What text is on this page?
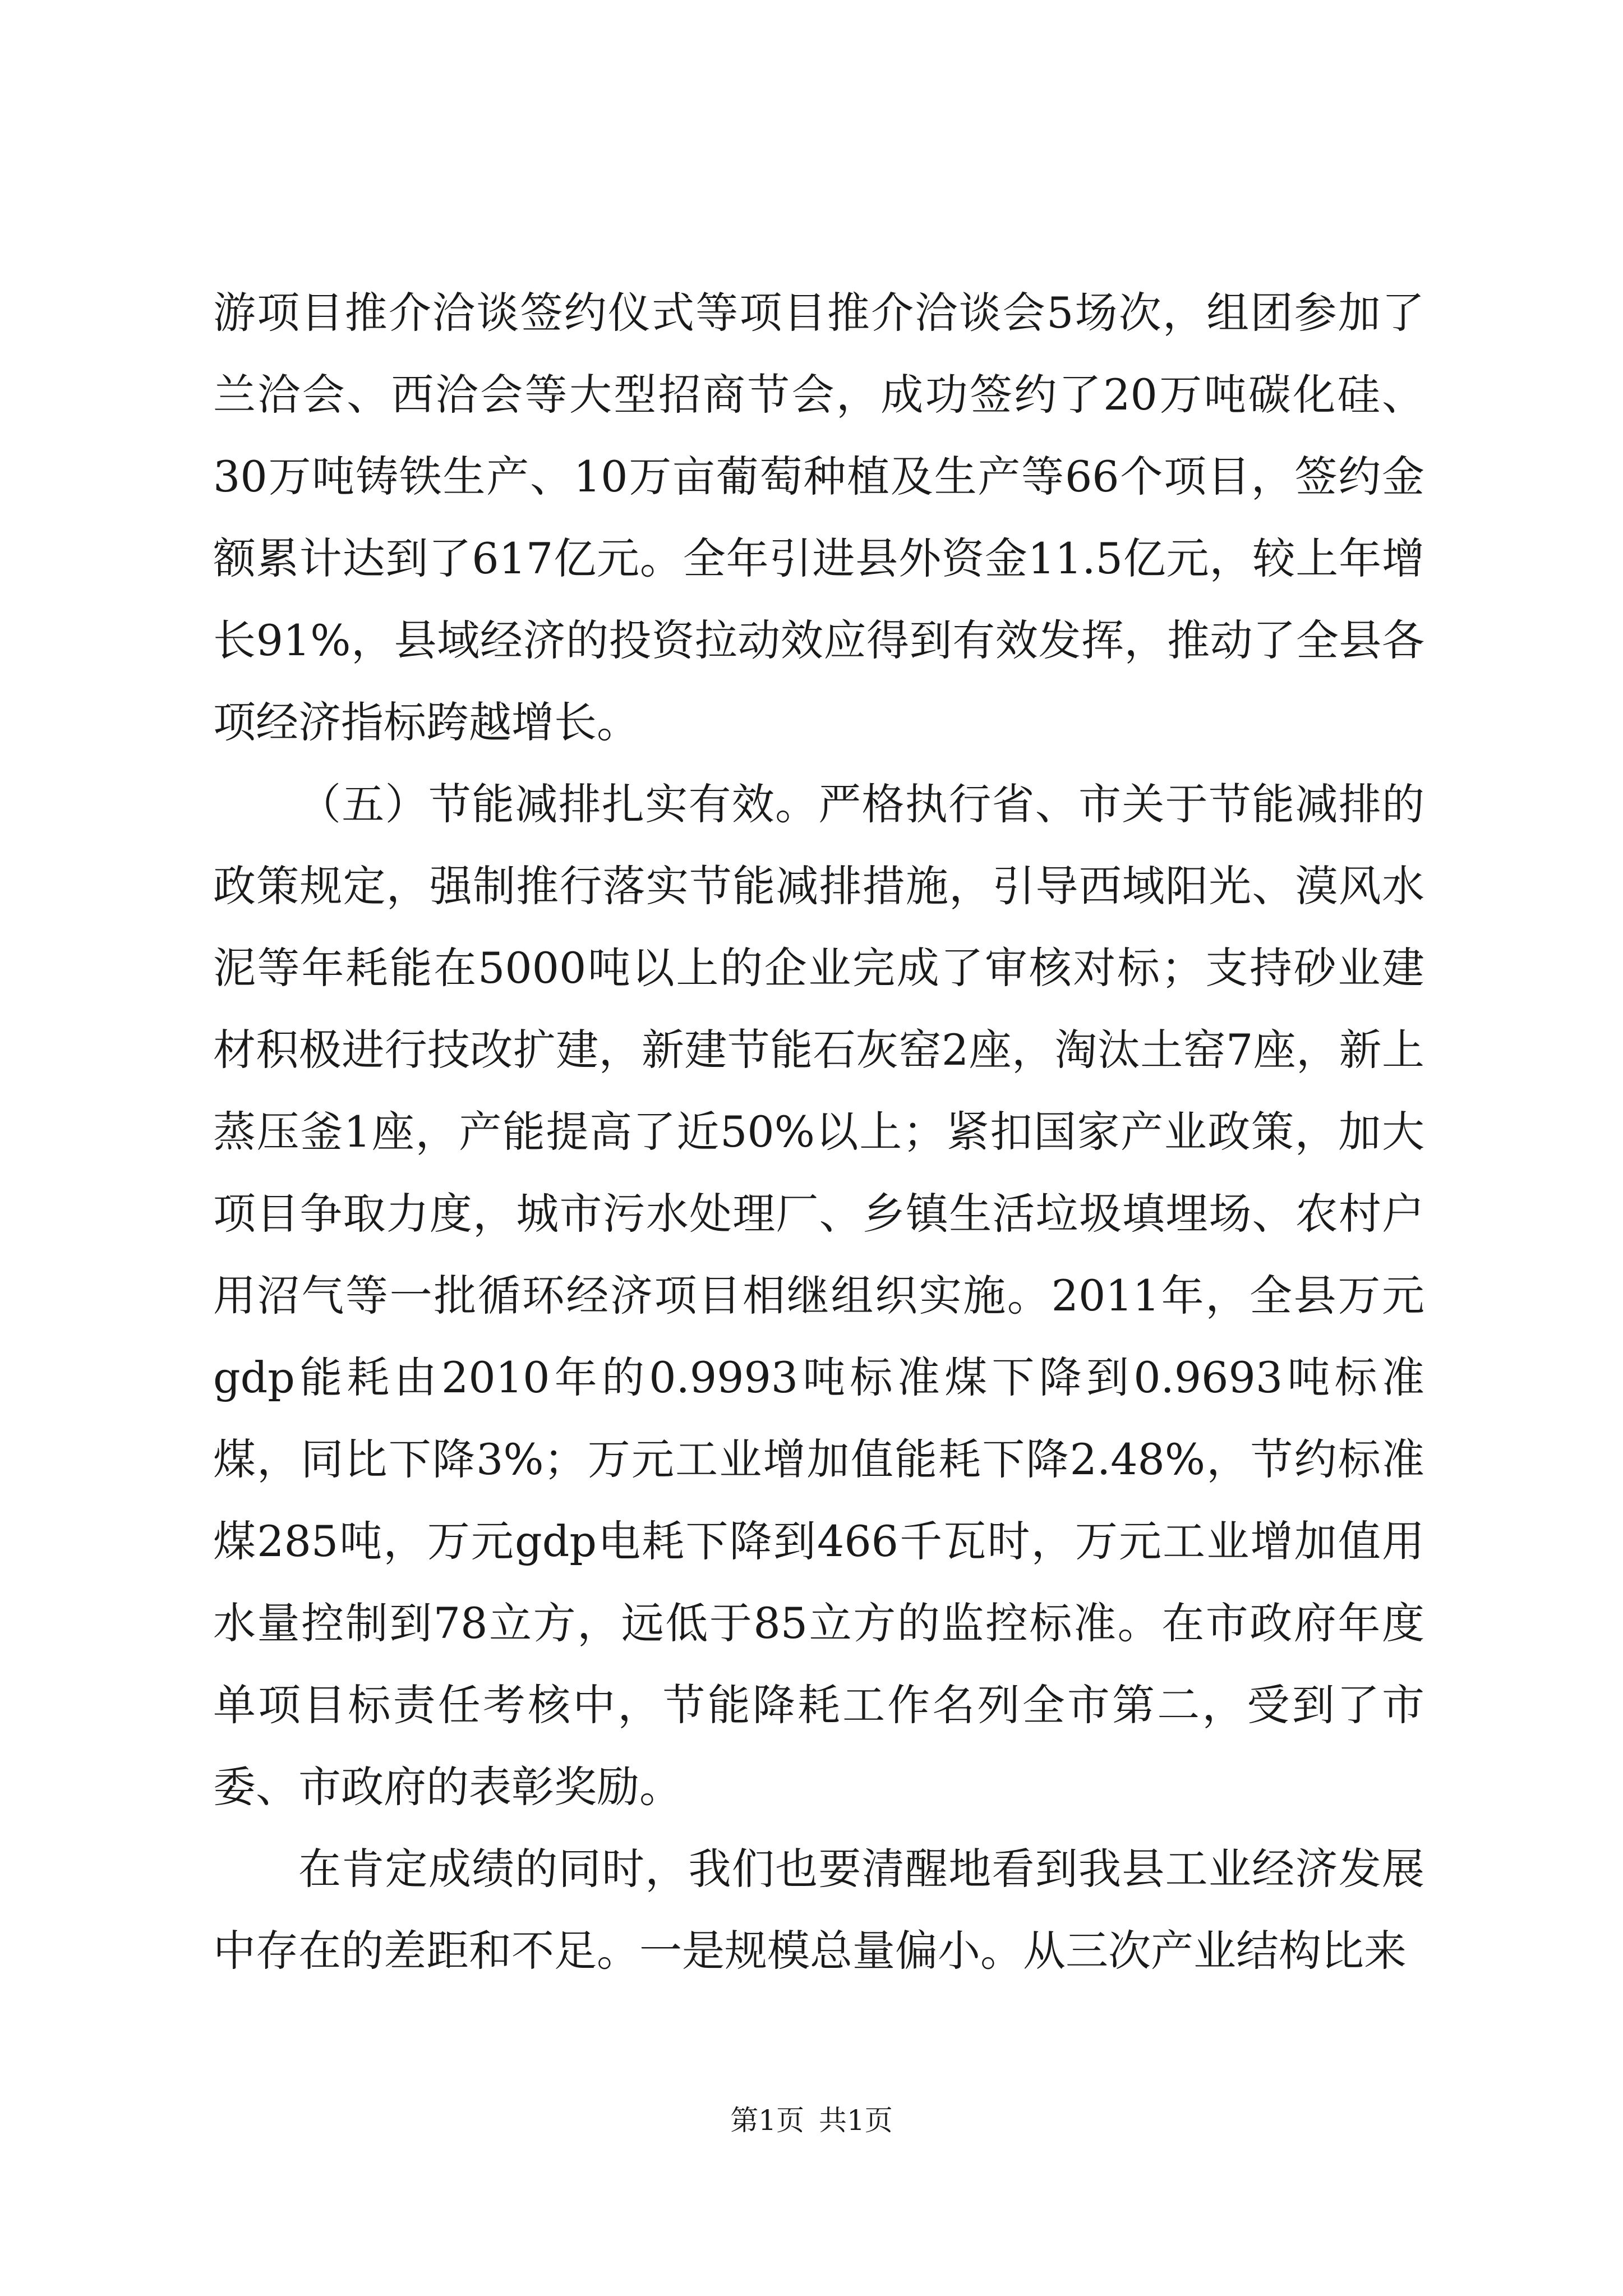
游项目推介洽谈签约仪式等项目推介洽谈会5场次，组团参加了兰洽会、西洽会等大型招商节会，成功签约了20万吨碳化硅、30万吨铸铁生产、10万亩葡萄种植及生产等66个项目，签约金额累计达到了617亿元。全年引进县外资金11.5亿元，较上年增长91%，县域经济的投资拉动效应得到有效发挥，推动了全县各项经济指标跨越增长。

（五）节能减排扎实有效。严格执行省、市关于节能减排的政策规定，强制推行落实节能减排措施，引导西域阳光、漠风水泥等年耗能在5000吨以上的企业完成了审核对标；支持砂业建材积极进行技改扩建，新建节能石灰窑2座，淘汰土窑7座，新上蒸压釜1座，产能提高了近50%以上；紧扣国家产业政策，加大项目争取力度，城市污水处理厂、乡镇生活垃圾填埋场、农村户用沼气等一批循环经济项目相继组织实施。2011年，全县万元gdp能耗由2010年的0.9993吨标准煤下降到0.9693吨标准煤，同比下降3%；万元工业增加值能耗下降2.48%，节约标准煤285吨，万元gdp电耗下降到466千瓦时，万元工业增加值用水量控制到78立方，远低于85立方的监控标准。在市政府年度单项目标责任考核中，节能降耗工作名列全市第二，受到了市委、市政府的表彰奖励。

在肯定成绩的同时，我们也要清醒地看到我县工业经济发展中存在的差距和不足。一是规模总量偏小。从三次产业结构比来

第1页 共1页
